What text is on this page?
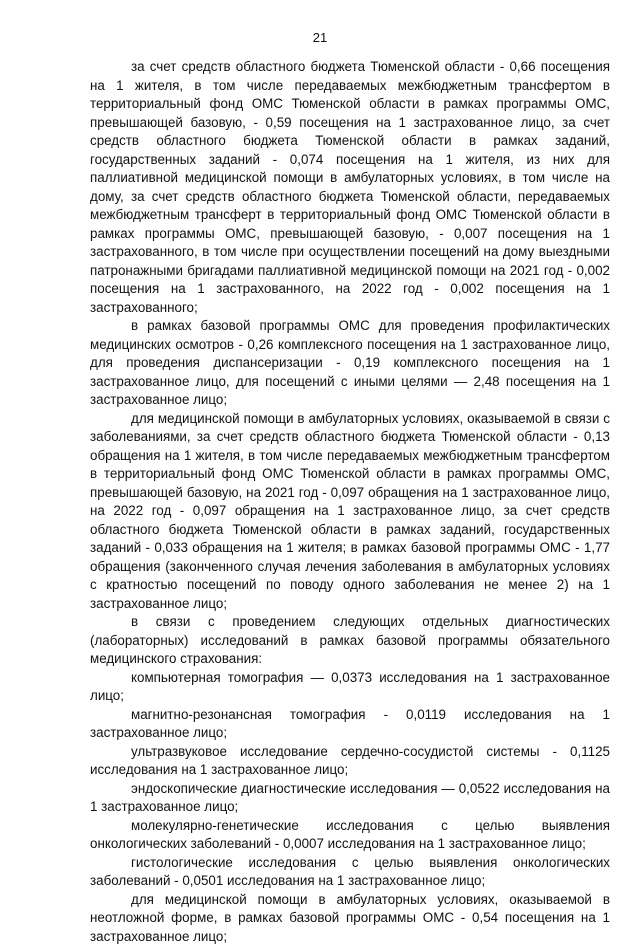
21

за счет средств областного бюджета Тюменской области - 0,66 посещения на 1 жителя, в том числе передаваемых межбюджетным трансфертом в территориальный фонд ОМС Тюменской области в рамках программы ОМС, превышающей базовую, - 0,59 посещения на 1 застрахованное лицо, за счет средств областного бюджета Тюменской области в рамках заданий, государственных заданий - 0,074 посещения на 1 жителя, из них для паллиативной медицинской помощи в амбулаторных условиях, в том числе на дому, за счет средств областного бюджета Тюменской области, передаваемых межбюджетным трансферт в территориальный фонд ОМС Тюменской области в рамках программы ОМС, превышающей базовую, - 0,007 посещения на 1 застрахованного, в том числе при осуществлении посещений на дому выездными патронажными бригадами паллиативной медицинской помощи на 2021 год - 0,002 посещения на 1 застрахованного, на 2022 год - 0,002 посещения на 1 застрахованного;

в рамках базовой программы ОМС для проведения профилактических медицинских осмотров - 0,26 комплексного посещения на 1 застрахованное лицо, для проведения диспансеризации - 0,19 комплексного посещения на 1 застрахованное лицо, для посещений с иными целями — 2,48 посещения на 1 застрахованное лицо;

для медицинской помощи в амбулаторных условиях, оказываемой в связи с заболеваниями, за счет средств областного бюджета Тюменской области - 0,13 обращения на 1 жителя, в том числе передаваемых межбюджетным трансфертом в территориальный фонд ОМС Тюменской области в рамках программы ОМС, превышающей базовую, на 2021 год - 0,097 обращения на 1 застрахованное лицо, на 2022 год - 0,097 обращения на 1 застрахованное лицо, за счет средств областного бюджета Тюменской области в рамках заданий, государственных заданий - 0,033 обращения на 1 жителя; в рамках базовой программы ОМС - 1,77 обращения (законченного случая лечения заболевания в амбулаторных условиях с кратностью посещений по поводу одного заболевания не менее 2) на 1 застрахованное лицо;

в связи с проведением следующих отдельных диагностических (лабораторных) исследований в рамках базовой программы обязательного медицинского страхования:

компьютерная томография — 0,0373 исследования на 1 застрахованное лицо;

магнитно-резонансная томография - 0,0119 исследования на 1 застрахованное лицо;

ультразвуковое исследование сердечно-сосудистой системы - 0,1125 исследования на 1 застрахованное лицо;

эндоскопические диагностические исследования — 0,0522 исследования на 1 застрахованное лицо;

молекулярно-генетические исследования с целью выявления онкологических заболеваний - 0,0007 исследования на 1 застрахованное лицо;

гистологические исследования с целью выявления онкологических заболеваний - 0,0501 исследования на 1 застрахованное лицо;

для медицинской помощи в амбулаторных условиях, оказываемой в неотложной форме, в рамках базовой программы ОМС - 0,54 посещения на 1 застрахованное лицо;
